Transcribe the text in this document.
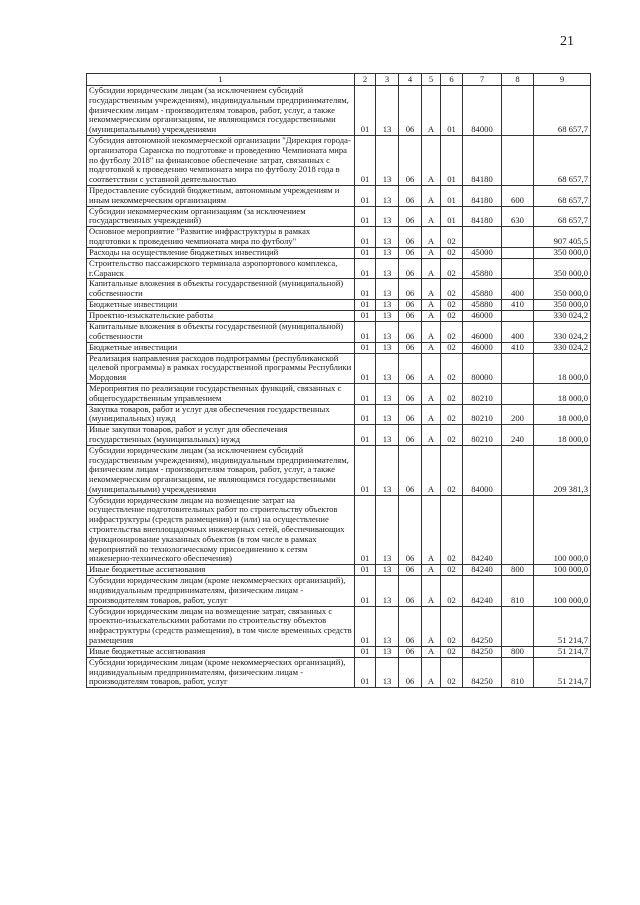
21
1	2	3	4	5	6	7	8	9
Субсидии юридическим лицам (за исключением субсидий государственным учреждениям), индивидуальным предпринимателям, физическим лицам - производителям товаров, работ, услуг, а также некоммерческим организациям, не являющимся государственными (муниципальными) учреждениями	01	13	06	А	01	84000		68 657,7
Субсидия автономной некоммерческой организации "Дирекция города-организатора Саранска по подготовке и проведению Чемпионата мира по футболу 2018" на финансовое обеспечение затрат, связанных с подготовкой к проведению чемпионата мира по футболу 2018 года в соответствии с уставной деятельностью	01	13	06	А	01	84180		68 657,7
Предоставление субсидий бюджетным, автономным учреждениям и иным некоммерческим организациям	01	13	06	А	01	84180	600	68 657,7
Субсидии некоммерческим организациям (за исключением государственных учреждений)	01	13	06	А	01	84180	630	68 657,7
Основное мероприятие "Развитие инфраструктуры в рамках подготовки к проведению чемпионата мира по футболу"	01	13	06	А	02			907 405,5
Расходы на осуществление бюджетных инвестиций	01	13	06	А	02	45000		350 000,0
Строительство пассажирского терминала аэропортового комплекса, г.Саранск	01	13	06	А	02	45880		350 000,0
Капитальные вложения в объекты государственной (муниципальной) собственности	01	13	06	А	02	45880	400	350 000,0
Бюджетные инвестиции	01	13	06	А	02	45880	410	350 000,0
Проектно-изыскательские работы	01	13	06	А	02	46000		330 024,2
Капитальные вложения в объекты государственной (муниципальной) собственности	01	13	06	А	02	46000	400	330 024,2
Бюджетные инвестиции	01	13	06	А	02	46000	410	330 024,2
Реализация направления расходов подпрограммы (республиканской целевой программы) в рамках государственной программы Республики Мордовия	01	13	06	А	02	80000		18 000,0
Мероприятия по реализации государственных функций, связанных с общегосударственным управлением	01	13	06	А	02	80210		18 000,0
Закупка товаров, работ и услуг для обеспечения государственных (муниципальных) нужд	01	13	06	А	02	80210	200	18 000,0
Иные закупки товаров, работ и услуг для обеспечения государственных (муниципальных) нужд	01	13	06	А	02	80210	240	18 000,0
Субсидии юридическим лицам (за исключением субсидий государственным учреждениям), индивидуальным предпринимателям, физическим лицам - производителям товаров, работ, услуг, а также некоммерческим организациям, не являющимся государственными (муниципальными) учреждениями	01	13	06	А	02	84000		209 381,3
Субсидии юридическим лицам на возмещение затрат на осуществление подготовительных работ по строительству объектов инфраструктуры (средств размещения) и (или) на осуществление строительства внеплощадочных инженерных сетей, обеспечивающих функционирование указанных объектов (в том числе в рамках мероприятий по технологическому присоединению к сетям инженерно-технического обеспечения)	01	13	06	А	02	84240		100 000,0
Иные бюджетные ассигнования	01	13	06	А	02	84240	800	100 000,0
Субсидии юридическим лицам (кроме некоммерческих организаций), индивидуальным предпринимателям, физическим лицам - производителям товаров, работ, услуг	01	13	06	А	02	84240	810	100 000,0
Субсидии юридическим лицам на возмещение затрат, связанных с проектно-изыскательскими работами по строительству объектов инфраструктуры (средств размещения), в том числе временных средств размещения	01	13	06	А	02	84250		51 214,7
Иные бюджетные ассигнования	01	13	06	А	02	84250	800	51 214,7
Субсидии юридическим лицам (кроме некоммерческих организаций), индивидуальным предпринимателям, физическим лицам - производителям товаров, работ, услуг	01	13	06	А	02	84250	810	51 214,7
